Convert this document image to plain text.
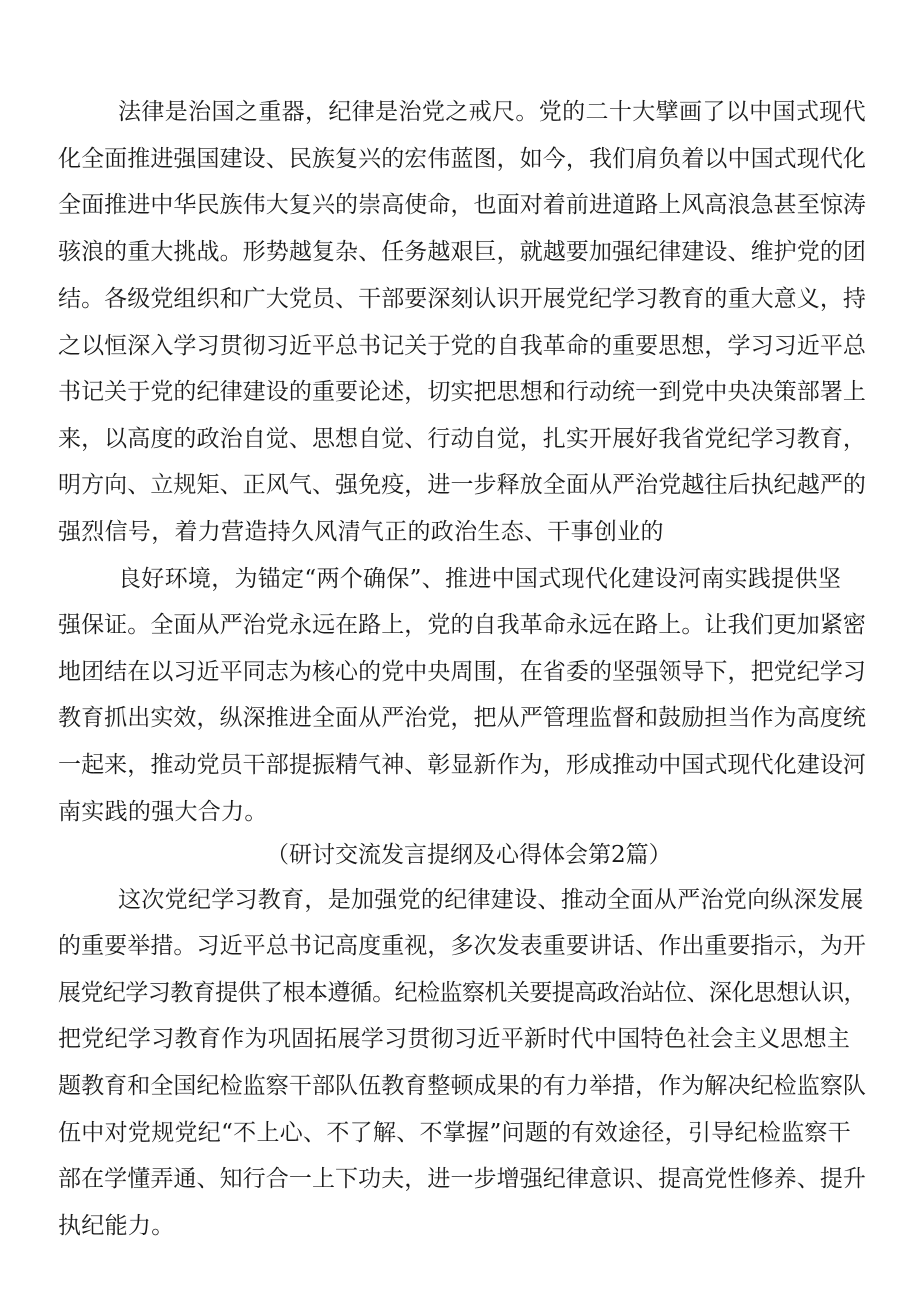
法律是治国之重器，纪律是治党之戒尺。党的二十大擘画了以中国式现代
化全面推进强国建设、民族复兴的宏伟蓝图，如今，我们肩负着以中国式现代化
全面推进中华民族伟大复兴的崇高使命，也面对着前进道路上风高浪急甚至惊涛
骇浪的重大挑战。形势越复杂、任务越艰巨，就越要加强纪律建设、维护党的团
结。各级党组织和广大党员、干部要深刻认识开展党纪学习教育的重大意义，持
之以恒深入学习贯彻习近平总书记关于党的自我革命的重要思想，学习习近平总
书记关于党的纪律建设的重要论述，切实把思想和行动统一到党中央决策部署上
来，以高度的政治自觉、思想自觉、行动自觉，扎实开展好我省党纪学习教育，
明方向、立规矩、正风气、强免疫，进一步释放全面从严治党越往后执纪越严的
强烈信号，着力营造持久风清气正的政治生态、干事创业的
良好环境，为锚定“两个确保”、推进中国式现代化建设河南实践提供坚
强保证。全面从严治党永远在路上，党的自我革命永远在路上。让我们更加紧密
地团结在以习近平同志为核心的党中央周围，在省委的坚强领导下，把党纪学习
教育抓出实效，纵深推进全面从严治党，把从严管理监督和鼓励担当作为高度统
一起来，推动党员干部提振精气神、彰显新作为，形成推动中国式现代化建设河
南实践的强大合力。
（研讨交流发言提纲及心得体会第2篇）
这次党纪学习教育，是加强党的纪律建设、推动全面从严治党向纵深发展
的重要举措。习近平总书记高度重视，多次发表重要讲话、作出重要指示，为开
展党纪学习教育提供了根本遵循。纪检监察机关要提高政治站位、深化思想认识，
把党纪学习教育作为巩固拓展学习贯彻习近平新时代中国特色社会主义思想主
题教育和全国纪检监察干部队伍教育整顿成果的有力举措，作为解决纪检监察队
伍中对党规党纪“不上心、不了解、不掌握”问题的有效途径，引导纪检监察干
部在学懂弄通、知行合一上下功夫，进一步增强纪律意识、提高党性修养、提升
执纪能力。
